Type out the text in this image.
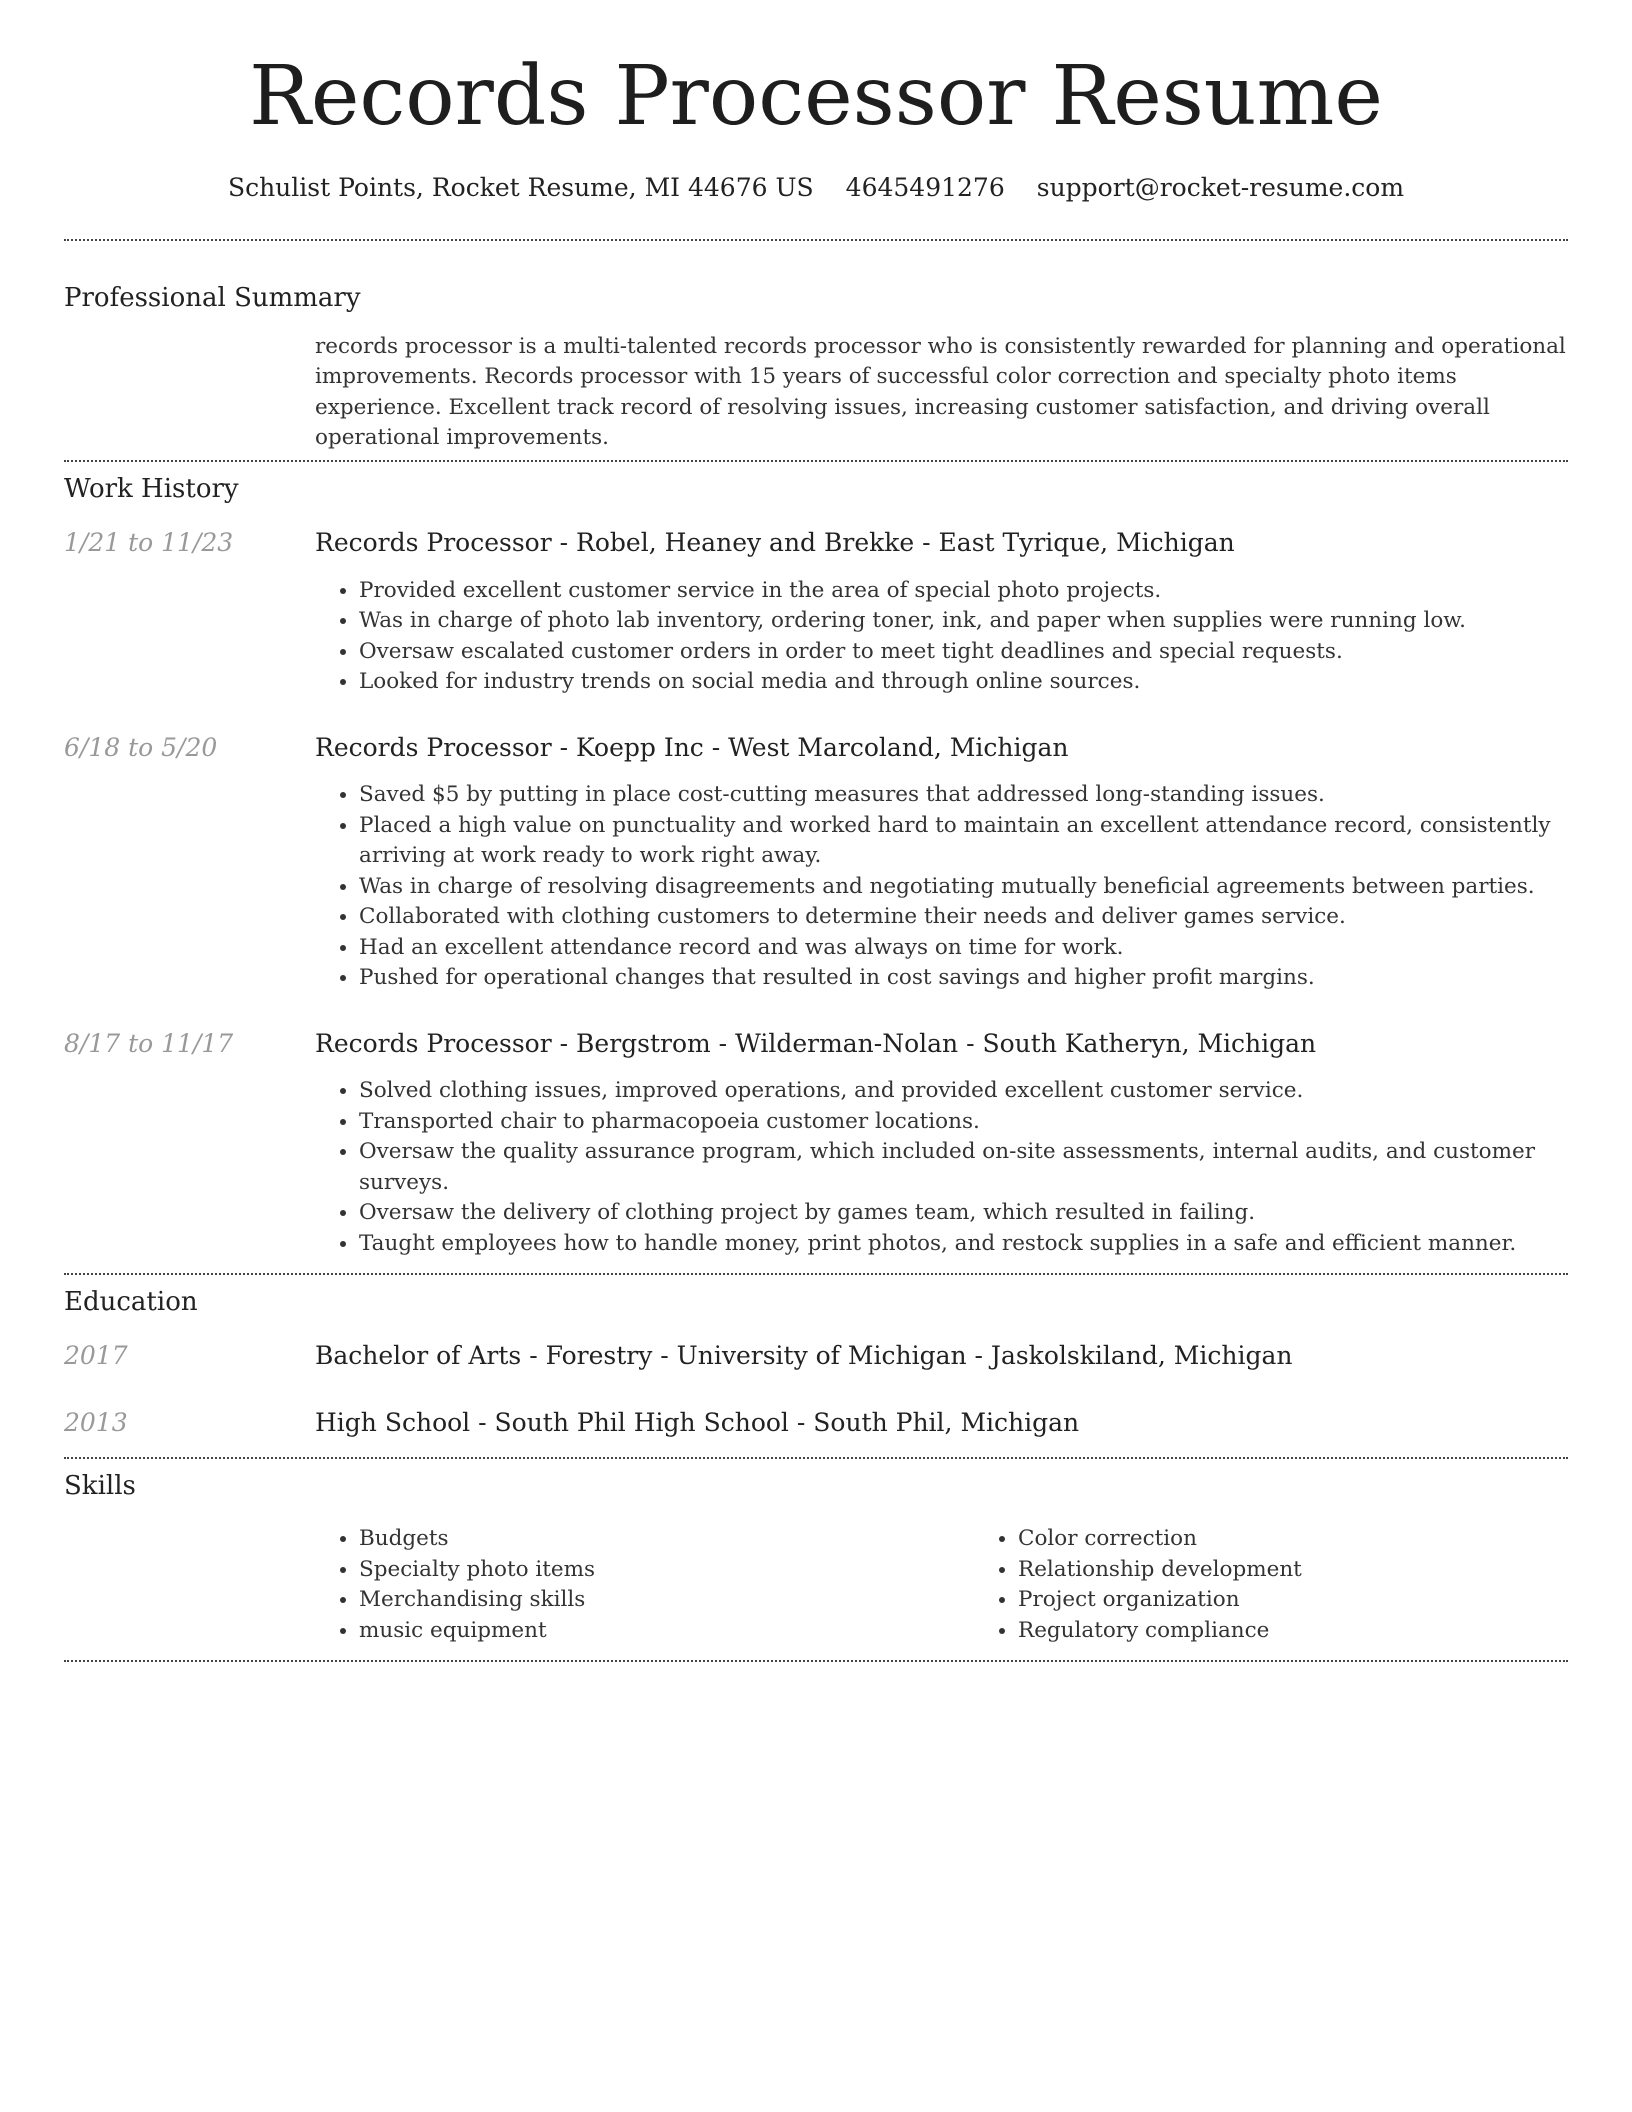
Records Processor Resume
Schulist Points, Rocket Resume, MI 44676 US 4645491276 support@rocket-resume.com
Professional Summary
records processor is a multi-talented records processor who is consistently rewarded for planning and operational improvements. Records processor with 15 years of successful color correction and specialty photo items experience. Excellent track record of resolving issues, increasing customer satisfaction, and driving overall operational improvements.
Work History
1/21 to 11/23	Records Processor - Robel, Heaney and Brekke - East Tyrique, Michigan
• Provided excellent customer service in the area of special photo projects.
• Was in charge of photo lab inventory, ordering toner, ink, and paper when supplies were running low.
• Oversaw escalated customer orders in order to meet tight deadlines and special requests.
• Looked for industry trends on social media and through online sources.
6/18 to 5/20	Records Processor - Koepp Inc - West Marcoland, Michigan
• Saved $5 by putting in place cost-cutting measures that addressed long-standing issues.
• Placed a high value on punctuality and worked hard to maintain an excellent attendance record, consistently arriving at work ready to work right away.
• Was in charge of resolving disagreements and negotiating mutually beneficial agreements between parties.
• Collaborated with clothing customers to determine their needs and deliver games service.
• Had an excellent attendance record and was always on time for work.
• Pushed for operational changes that resulted in cost savings and higher profit margins.
8/17 to 11/17	Records Processor - Bergstrom - Wilderman-Nolan - South Katheryn, Michigan
• Solved clothing issues, improved operations, and provided excellent customer service.
• Transported chair to pharmacopoeia customer locations.
• Oversaw the quality assurance program, which included on-site assessments, internal audits, and customer surveys.
• Oversaw the delivery of clothing project by games team, which resulted in failing.
• Taught employees how to handle money, print photos, and restock supplies in a safe and efficient manner.
Education
2017	Bachelor of Arts - Forestry - University of Michigan - Jaskolskiland, Michigan
2013	High School - South Phil High School - South Phil, Michigan
Skills
• Budgets
• Specialty photo items
• Merchandising skills
• music equipment
• Color correction
• Relationship development
• Project organization
• Regulatory compliance
